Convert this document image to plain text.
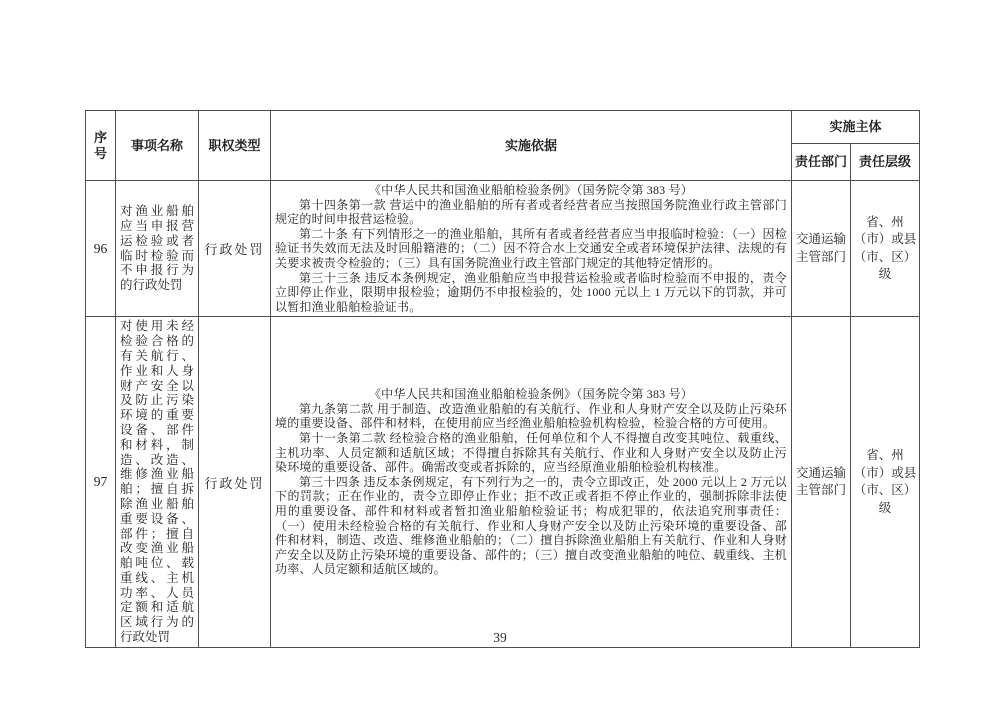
序号	事项名称	职权类型	实施依据	实施主体	
				责任部门	责任层级
96	对渔业船舶应当申报营运检验或者临时检验而不申报行为的行政处罚	行政处罚	《中华人民共和国渔业船舶检验条例》（国务院令第 383 号）

第十四条第一款 营运中的渔业船舶的所有者或者经营者应当按照国务院渔业行政主管部门规定的时间申报营运检验。

第二十条 有下列情形之一的渔业船舶，其所有者或者经营者应当申报临时检验：（一）因检验证书失效而无法及时回船籍港的；（二）因不符合水上交通安全或者环境保护法律、法规的有关要求被责令检验的；（三）具有国务院渔业行政主管部门规定的其他特定情形的。

第三十三条 违反本条例规定，渔业船舶应当申报营运检验或者临时检验而不申报的，责令立即停止作业，限期申报检验；逾期仍不申报检验的，处 1000 元以上 1 万元以下的罚款，并可以暂扣渔业船舶检验证书。	交通运输主管部门	省、州（市）或县（市、区）级
97	对使用未经检验合格的有关航行、作业和人身财产安全以及防止污染环境的重要设备、部件和材料，制造、改造、维修渔业船舶；擅自拆除渔业船舶重要设备、部件；擅自改变渔业船舶吨位、载重线、主机功率、人员定额和适航区域行为的行政处罚	行政处罚	《中华人民共和国渔业船舶检验条例》（国务院令第 383 号）

第九条第二款 用于制造、改造渔业船舶的有关航行、作业和人身财产安全以及防止污染环境的重要设备、部件和材料，在使用前应当经渔业船舶检验机构检验，检验合格的方可使用。

第十一条第二款 经检验合格的渔业船舶，任何单位和个人不得擅自改变其吨位、载重线、主机功率、人员定额和适航区域；不得擅自拆除其有关航行、作业和人身财产安全以及防止污染环境的重要设备、部件。确需改变或者拆除的，应当经原渔业船舶检验机构核准。

第三十四条 违反本条例规定，有下列行为之一的，责令立即改正，处 2000 元以上 2 万元以下的罚款；正在作业的，责令立即停止作业；拒不改正或者拒不停止作业的，强制拆除非法使用的重要设备、部件和材料或者暂扣渔业船舶检验证书；构成犯罪的，依法追究刑事责任：（一）使用未经检验合格的有关航行、作业和人身财产安全以及防止污染环境的重要设备、部件和材料，制造、改造、维修渔业船舶的；（二）擅自拆除渔业船舶上有关航行、作业和人身财产安全以及防止污染环境的重要设备、部件的；（三）擅自改变渔业船舶的吨位、载重线、主机功率、人员定额和适航区域的。	交通运输主管部门	省、州（市）或县（市、区）级
39
